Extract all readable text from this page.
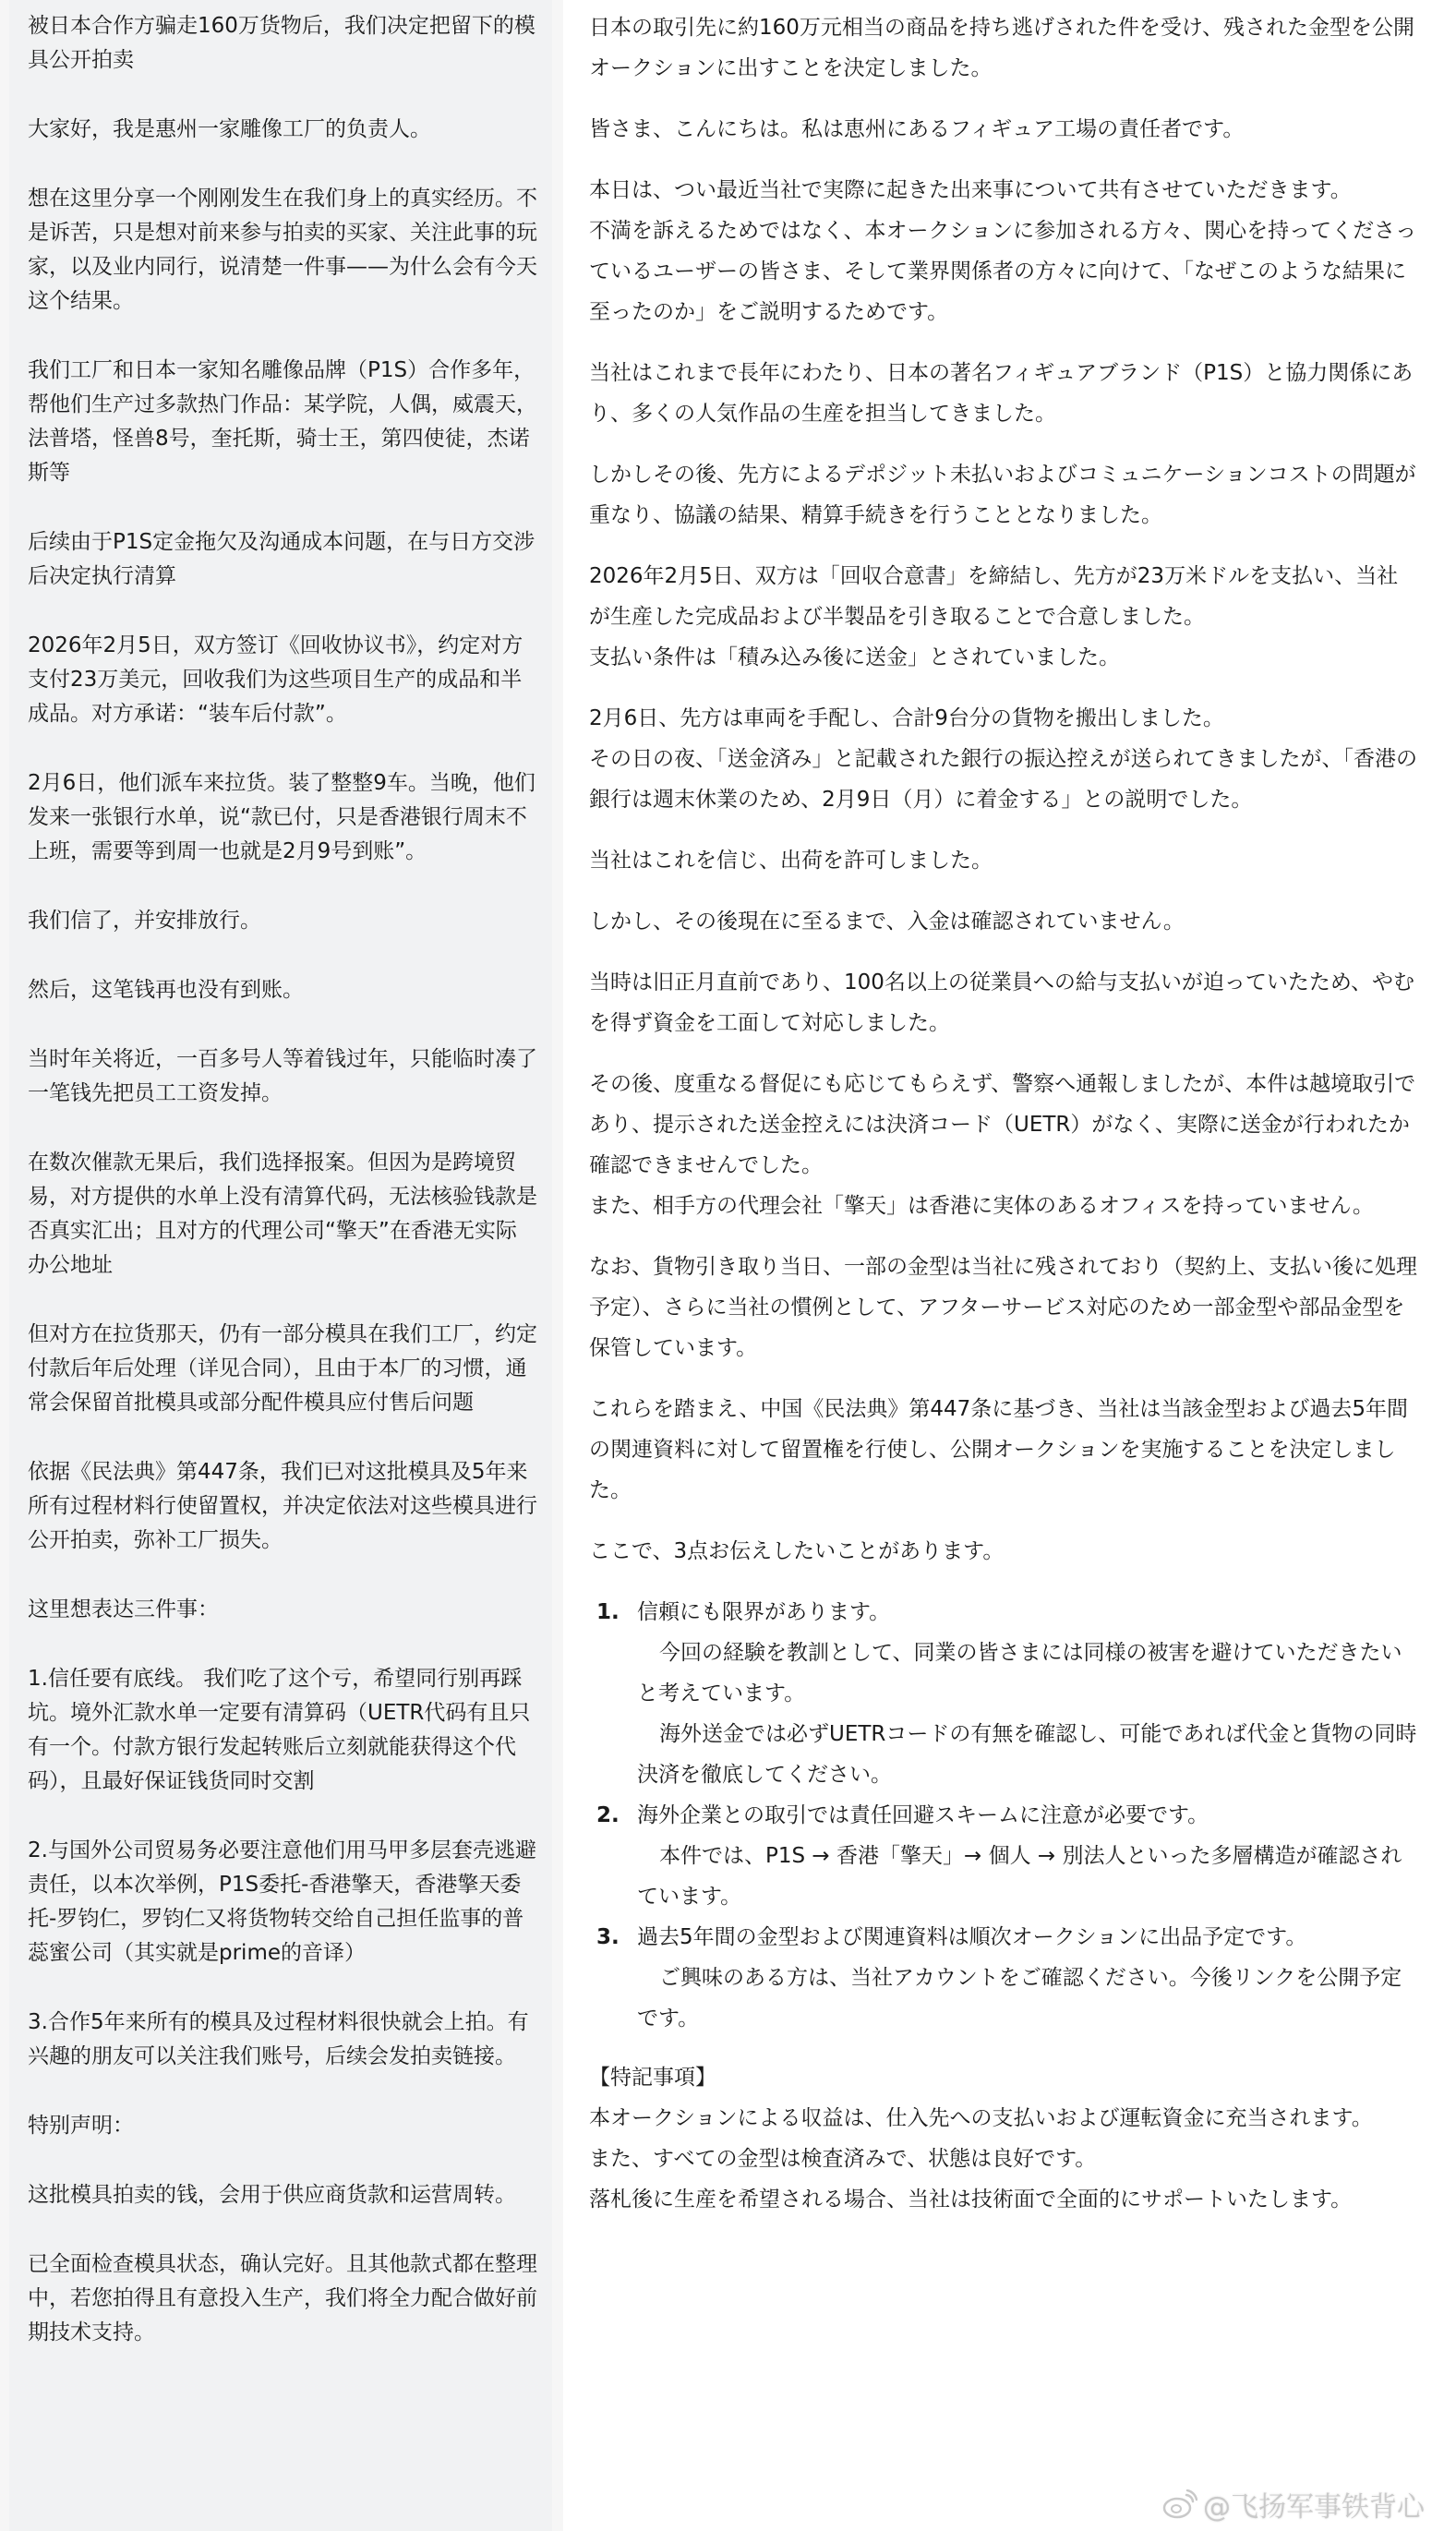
被日本合作方骗走160万货物后，我们决定把留下的模具公开拍卖

大家好，我是惠州一家雕像工厂的负责人。

想在这里分享一个刚刚发生在我们身上的真实经历。不是诉苦，只是想对前来参与拍卖的买家、关注此事的玩家，以及业内同行，说清楚一件事——为什么会有今天这个结果。

我们工厂和日本一家知名雕像品牌（P1S）合作多年，帮他们生产过多款热门作品：某学院，人偶，威震天，法普塔，怪兽8号，奎托斯，骑士王，第四使徒，杰诺斯等

后续由于P1S定金拖欠及沟通成本问题，在与日方交涉后决定执行清算

2026年2月5日，双方签订《回收协议书》，约定对方支付23万美元，回收我们为这些项目生产的成品和半成品。对方承诺：“装车后付款”。

2月6日，他们派车来拉货。装了整整9车。当晚，他们发来一张银行水单，说“款已付，只是香港银行周末不上班，需要等到周一也就是2月9号到账”。

我们信了，并安排放行。

然后，这笔钱再也没有到账。

当时年关将近，一百多号人等着钱过年，只能临时凑了一笔钱先把员工工资发掉。

在数次催款无果后，我们选择报案。但因为是跨境贸易，对方提供的水单上没有清算代码，无法核验钱款是否真实汇出；且对方的代理公司“擎天”在香港无实际办公地址

但对方在拉货那天，仍有一部分模具在我们工厂，约定付款后年后处理（详见合同），且由于本厂的习惯，通常会保留首批模具或部分配件模具应付售后问题

依据《民法典》第447条，我们已对这批模具及5年来所有过程材料行使留置权，并决定依法对这些模具进行公开拍卖，弥补工厂损失。

这里想表达三件事：

1.信任要有底线。 我们吃了这个亏，希望同行别再踩坑。境外汇款水单一定要有清算码（UETR代码有且只有一个。付款方银行发起转账后立刻就能获得这个代码），且最好保证钱货同时交割

2.与国外公司贸易务必要注意他们用马甲多层套壳逃避责任，以本次举例，P1S委托-香港擎天，香港擎天委托-罗钧仁，罗钧仁又将货物转交给自己担任监事的普蕊蜜公司（其实就是prime的音译）

3.合作5年来所有的模具及过程材料很快就会上拍。有兴趣的朋友可以关注我们账号，后续会发拍卖链接。

特别声明：

这批模具拍卖的钱，会用于供应商货款和运营周转。

已全面检查模具状态，确认完好。且其他款式都在整理中，若您拍得且有意投入生产，我们将全力配合做好前期技术支持。

日本の取引先に約160万元相当の商品を持ち逃げされた件を受け、残された金型を公開オークションに出すことを決定しました。

皆さま、こんにちは。私は恵州にあるフィギュア工場の責任者です。

本日は、つい最近当社で実際に起きた出来事について共有させていただきます。

不満を訴えるためではなく、本オークションに参加される方々、関心を持ってくださっているユーザーの皆さま、そして業界関係者の方々に向けて、「なぜこのような結果に至ったのか」をご説明するためです。

当社はこれまで長年にわたり、日本の著名フィギュアブランド（P1S）と協力関係にあり、多くの人気作品の生産を担当してきました。

しかしその後、先方によるデポジット未払いおよびコミュニケーションコストの問題が重なり、協議の結果、精算手続きを行うこととなりました。

2026年2月5日、双方は「回収合意書」を締結し、先方が23万米ドルを支払い、当社が生産した完成品および半製品を引き取ることで合意しました。

支払い条件は「積み込み後に送金」とされていました。

2月6日、先方は車両を手配し、合計9台分の貨物を搬出しました。

その日の夜、「送金済み」と記載された銀行の振込控えが送られてきましたが、「香港の銀行は週末休業のため、2月9日（月）に着金する」との説明でした。

当社はこれを信じ、出荷を許可しました。

しかし、その後現在に至るまで、入金は確認されていません。

当時は旧正月直前であり、100名以上の従業員への給与支払いが迫っていたため、やむを得ず資金を工面して対応しました。

その後、度重なる督促にも応じてもらえず、警察へ通報しましたが、本件は越境取引であり、提示された送金控えには決済コード（UETR）がなく、実際に送金が行われたか確認できませんでした。

また、相手方の代理会社「擎天」は香港に実体のあるオフィスを持っていません。

なお、貨物引き取り当日、一部の金型は当社に残されており（契約上、支払い後に処理予定）、さらに当社の慣例として、アフターサービス対応のため一部金型や部品金型を保管しています。

これらを踏まえ、中国《民法典》第447条に基づき、当社は当該金型および過去5年間の関連資料に対して留置権を行使し、公開オークションを実施することを決定しました。

ここで、3点お伝えしたいことがあります。

1. 信頼にも限界があります。
今回の経験を教訓として、同業の皆さまには同様の被害を避けていただきたいと考えています。
海外送金では必ずUETRコードの有無を確認し、可能であれば代金と貨物の同時決済を徹底してください。
2. 海外企業との取引では責任回避スキームに注意が必要です。
本件では、P1S → 香港「擎天」→ 個人 → 別法人といった多層構造が確認されています。
3. 過去5年間の金型および関連資料は順次オークションに出品予定です。
ご興味のある方は、当社アカウントをご確認ください。今後リンクを公開予定です。

【特記事項】

本オークションによる収益は、仕入先への支払いおよび運転資金に充当されます。

また、すべての金型は検査済みで、状態は良好です。

落札後に生産を希望される場合、当社は技術面で全面的にサポートいたします。

@飞扬军事铁背心
